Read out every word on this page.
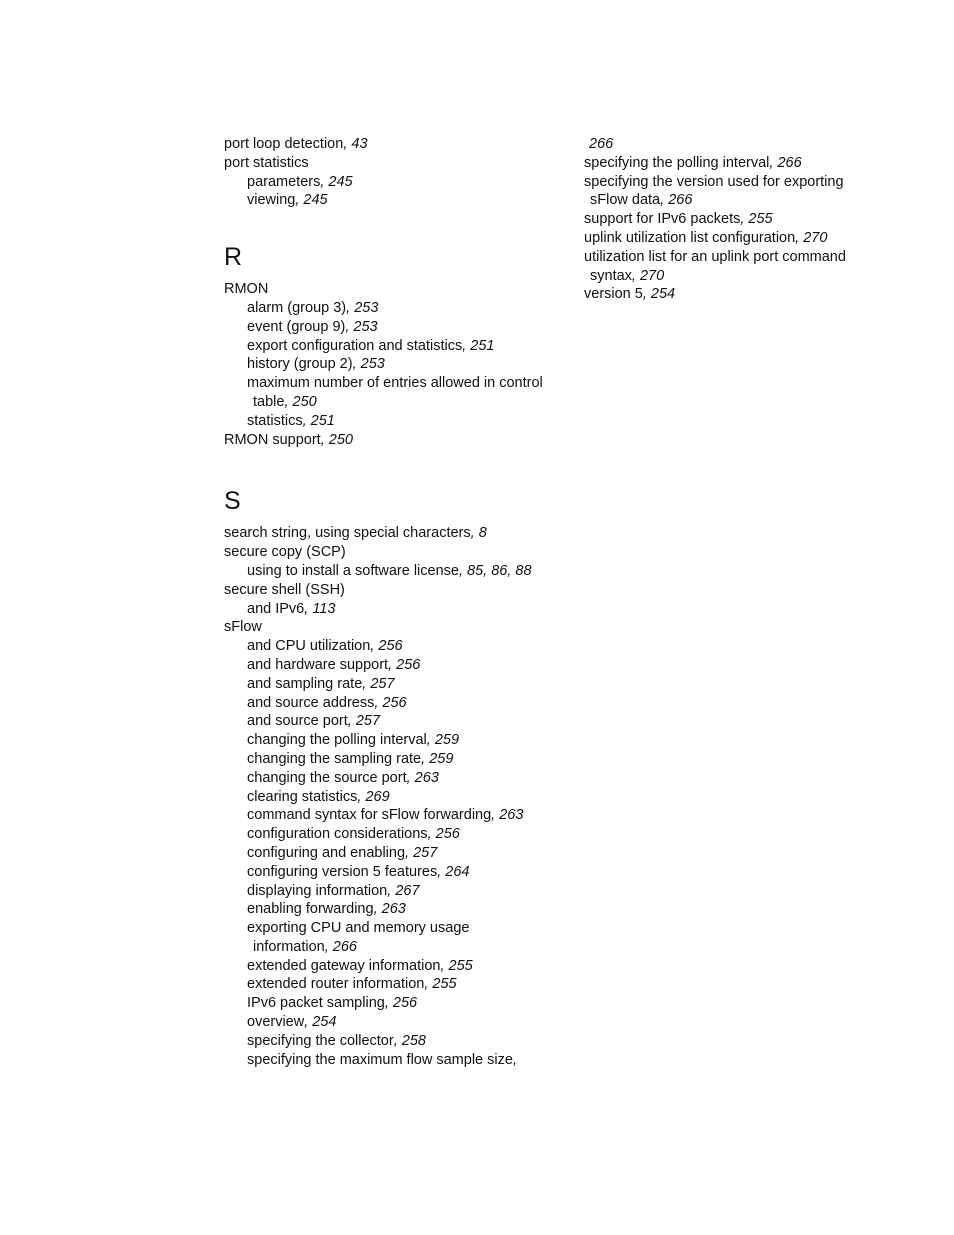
port loop detection, 43
port statistics
parameters, 245
viewing, 245
R
RMON
alarm (group 3), 253
event (group 9), 253
export configuration and statistics, 251
history (group 2), 253
maximum number of entries allowed in control table, 250
statistics, 251
RMON support, 250
S
search string, using special characters, 8
secure copy (SCP)
using to install a software license, 85, 86, 88
secure shell (SSH)
and IPv6, 113
sFlow
and CPU utilization, 256
and hardware support, 256
and sampling rate, 257
and source address, 256
and source port, 257
changing the polling interval, 259
changing the sampling rate, 259
changing the source port, 263
clearing statistics, 269
command syntax for sFlow forwarding, 263
configuration considerations, 256
configuring and enabling, 257
configuring version 5 features, 264
displaying information, 267
enabling forwarding, 263
exporting CPU and memory usage information, 266
extended gateway information, 255
extended router information, 255
IPv6 packet sampling, 256
overview, 254
specifying the collector, 258
specifying the maximum flow sample size,
266
specifying the polling interval, 266
specifying the version used for exporting sFlow data, 266
support for IPv6 packets, 255
uplink utilization list configuration, 270
utilization list for an uplink port command syntax, 270
version 5, 254
